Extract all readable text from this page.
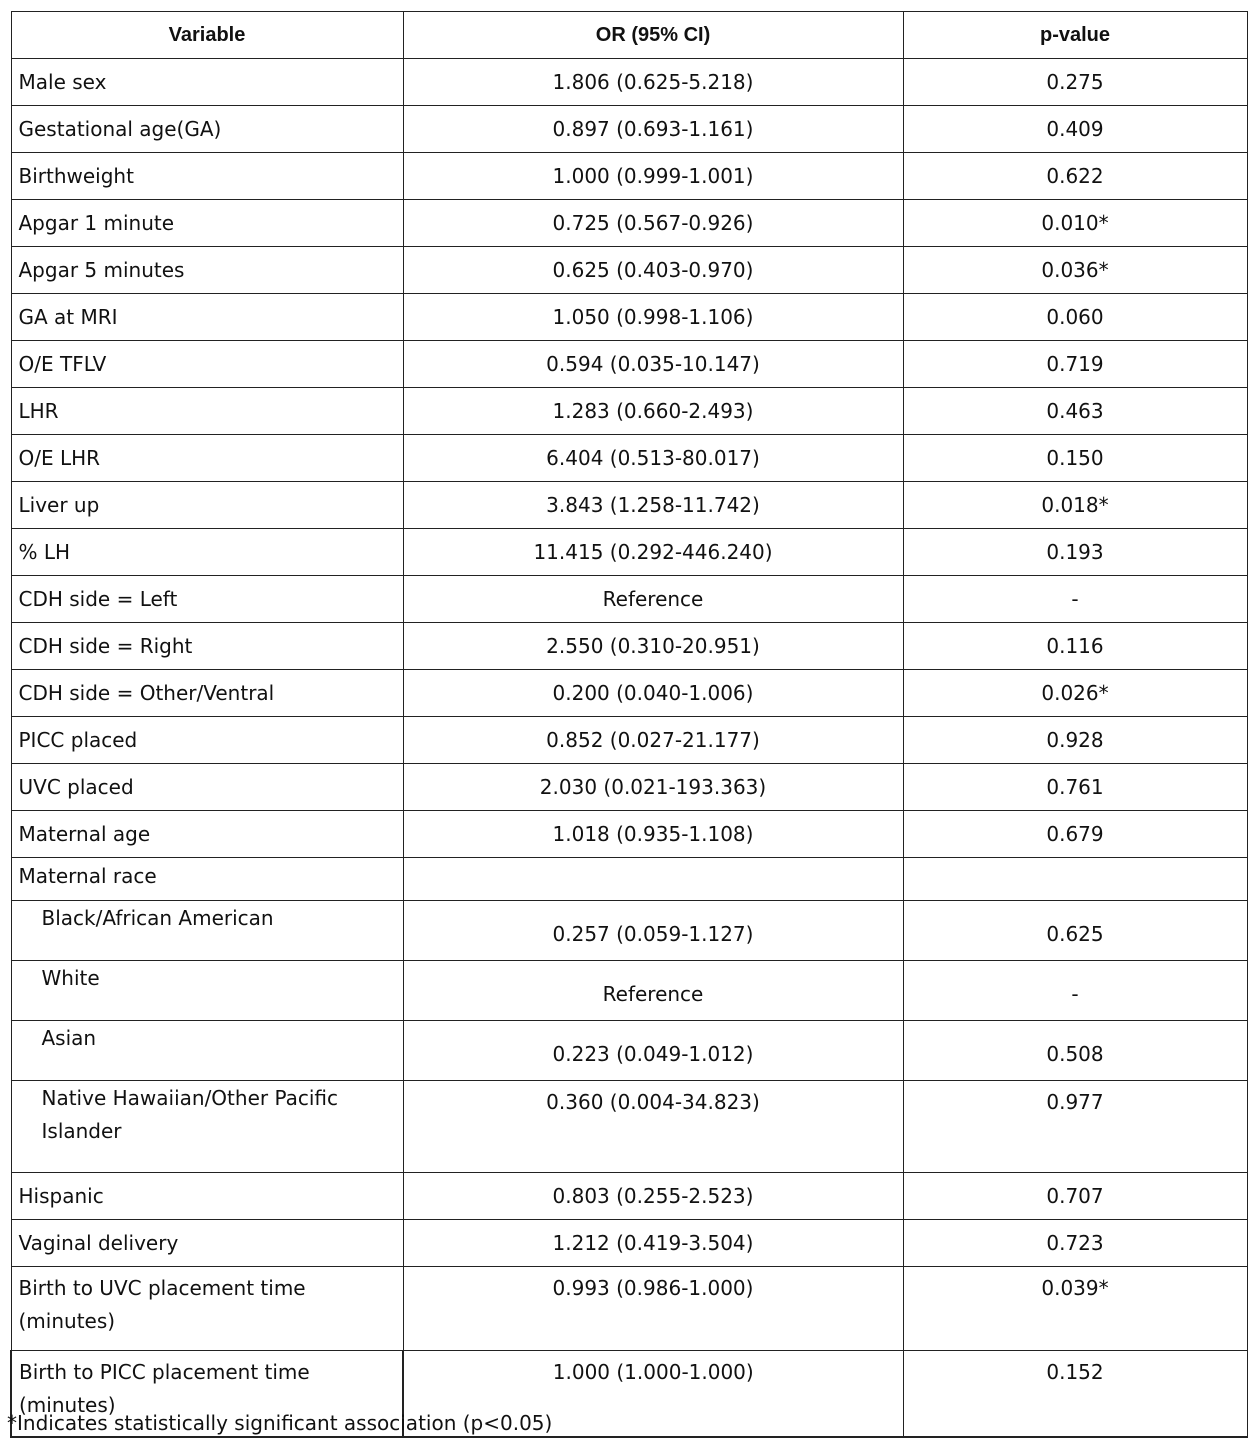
Variable	OR (95% CI)	p-value
Male sex	1.806 (0.625-5.218)	0.275
Gestational age(GA)	0.897 (0.693-1.161)	0.409
Birthweight	1.000 (0.999-1.001)	0.622
Apgar 1 minute	0.725 (0.567-0.926)	0.010*
Apgar 5 minutes	0.625 (0.403-0.970)	0.036*
GA at MRI	1.050 (0.998-1.106)	0.060
O/E TFLV	0.594 (0.035-10.147)	0.719
LHR	1.283 (0.660-2.493)	0.463
O/E LHR	6.404 (0.513-80.017)	0.150
Liver up	3.843 (1.258-11.742)	0.018*
% LH	11.415 (0.292-446.240)	0.193
CDH side = Left	Reference	-
CDH side = Right	2.550 (0.310-20.951)	0.116
CDH side = Other/Ventral	0.200 (0.040-1.006)	0.026*
PICC placed	0.852 (0.027-21.177)	0.928
UVC placed	2.030 (0.021-193.363)	0.761
Maternal age	1.018 (0.935-1.108)	0.679
Maternal race		
Black/African American	0.257 (0.059-1.127)	0.625
White	Reference	-
Asian	0.223 (0.049-1.012)	0.508
Native Hawaiian/Other Pacific Islander	0.360 (0.004-34.823)	0.977
Hispanic	0.803 (0.255-2.523)	0.707
Vaginal delivery	1.212 (0.419-3.504)	0.723
Birth to UVC placement time (minutes)	0.993 (0.986-1.000)	0.039*
Birth to PICC placement time (minutes)	1.000 (1.000-1.000)	0.152
*Indicates statistically significant association (p<0.05)
